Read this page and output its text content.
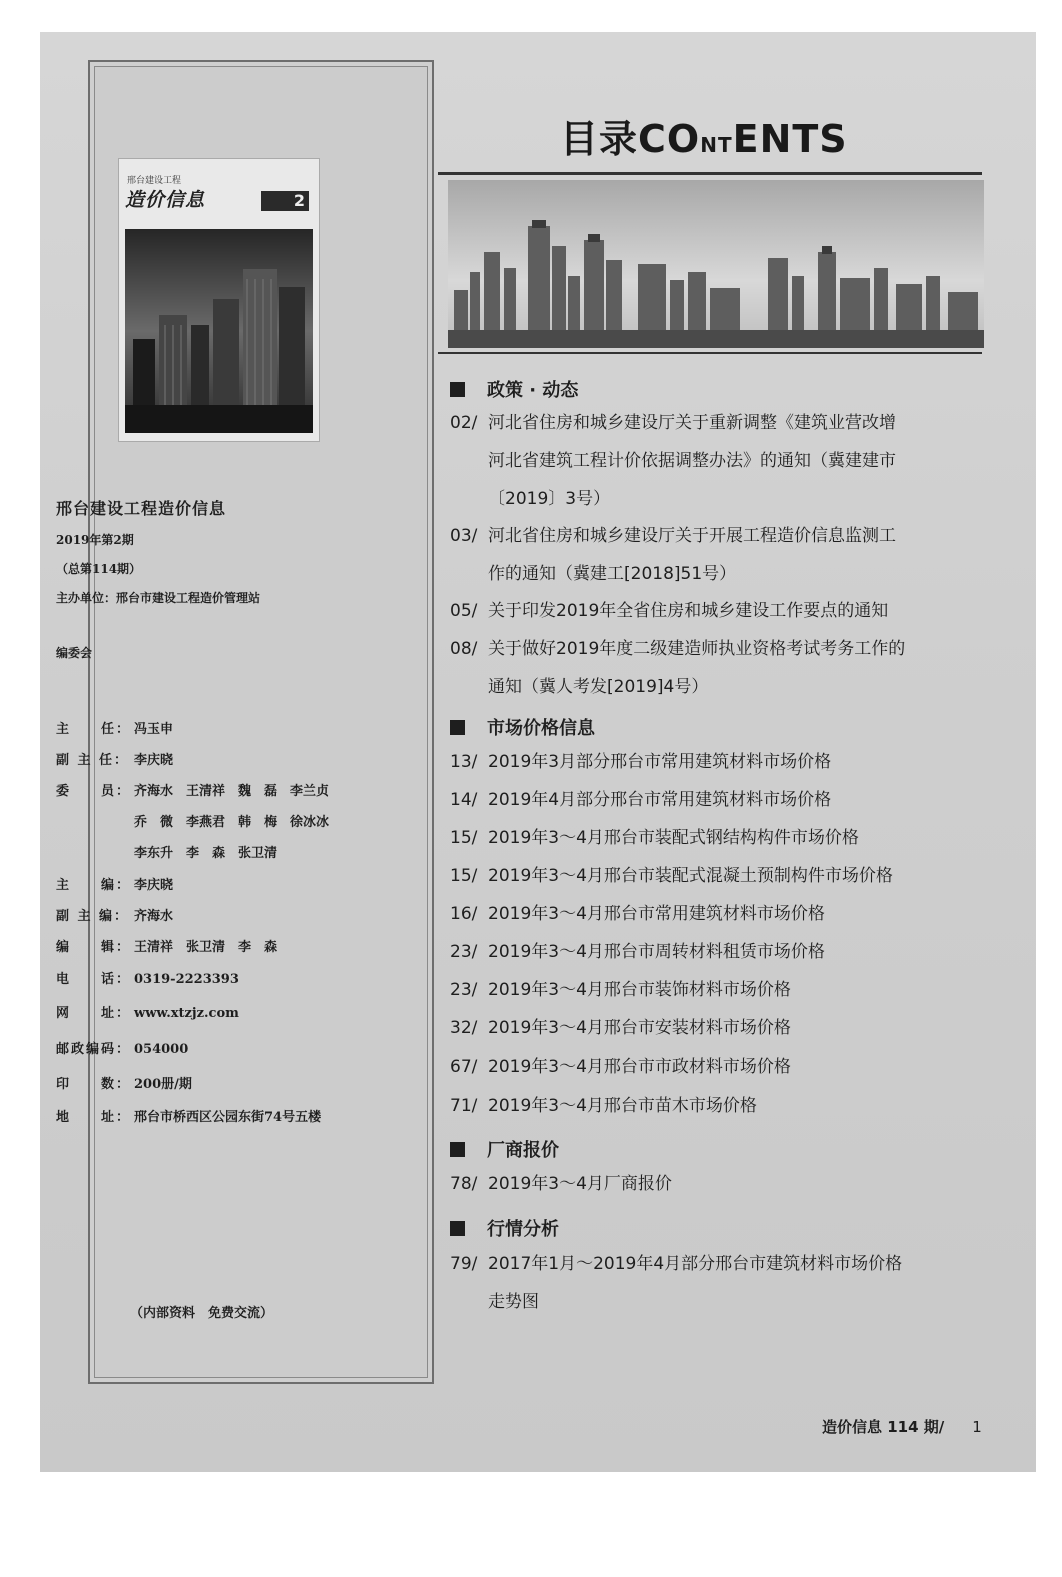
邢台建设工程
造价信息	2
邢台建设工程造价信息
2019年第2期
（总第114期）
主办单位：邢台市建设工程造价管理站
编委会
主　　任： 冯玉申
副 主 任： 李庆晓
委　　员： 齐海水　王清祥　魏　磊　李兰贞
乔　微　李燕君　韩　梅　徐冰冰
李东升　李　森　张卫清
主　　编： 李庆晓
副 主 编： 齐海水
编　　辑： 王清祥　张卫清　李　森
电　　话： 0319-2223393
网　　址： www.xtzjz.com
邮政编码： 054000
印　　数： 200册/期
地　　址： 邢台市桥西区公园东街74号五楼
（内部资料　免费交流）
目录CONTENTS
政策 · 动态
02/ 河北省住房和城乡建设厅关于重新调整《建筑业营改增
河北省建筑工程计价依据调整办法》的通知（冀建建市
〔2019〕3号）
03/ 河北省住房和城乡建设厅关于开展工程造价信息监测工
作的通知（冀建工[2018]51号）
05/ 关于印发2019年全省住房和城乡建设工作要点的通知
08/ 关于做好2019年度二级建造师执业资格考试考务工作的
通知（冀人考发[2019]4号）
市场价格信息
13/ 2019年3月部分邢台市常用建筑材料市场价格
14/ 2019年4月部分邢台市常用建筑材料市场价格
15/ 2019年3～4月邢台市装配式钢结构构件市场价格
15/ 2019年3～4月邢台市装配式混凝土预制构件市场价格
16/ 2019年3～4月邢台市常用建筑材料市场价格
23/ 2019年3～4月邢台市周转材料租赁市场价格
23/ 2019年3～4月邢台市装饰材料市场价格
32/ 2019年3～4月邢台市安装材料市场价格
67/ 2019年3～4月邢台市市政材料市场价格
71/ 2019年3～4月邢台市苗木市场价格
厂商报价
78/ 2019年3～4月厂商报价
行情分析
79/ 2017年1月～2019年4月部分邢台市建筑材料市场价格
走势图
造价信息 114 期/ 1
